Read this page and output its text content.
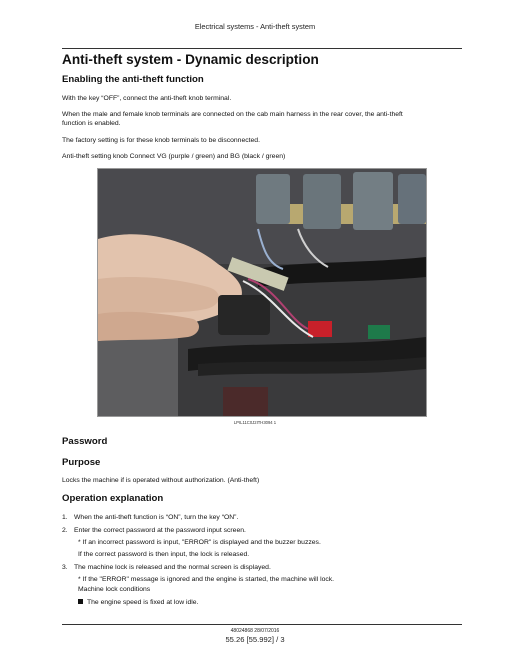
Electrical systems - Anti-theft system
Anti-theft system - Dynamic description
Enabling the anti-theft function
With the key “OFF”, connect the anti-theft knob terminal.
When the male and female knob terminals are connected on the cab main harness in the rear cover, the anti-theft
function is enabled.
The factory setting is for these knob terminals to be disconnected.
Anti-theft setting knob Connect VG (purple / green) and BG (black / green)
LPIL11C0J2ITH3094 1
Password
Purpose
Locks the machine if is operated without authorization. (Anti-theft)
Operation explanation
1. When the anti-theft function is “ON”, turn the key “ON”.
2. Enter the correct password at the password input screen.
* If an incorrect password is input, "ERROR" is displayed and the buzzer buzzes.
If the correct password is then input, the lock is released.
3. The machine lock is released and the normal screen is displayed.
* If the "ERROR" message is ignored and the engine is started, the machine will lock.
Machine lock conditions
The engine speed is fixed at low idle.
48024868 28/07/2016
55.26 [55.992] / 3
